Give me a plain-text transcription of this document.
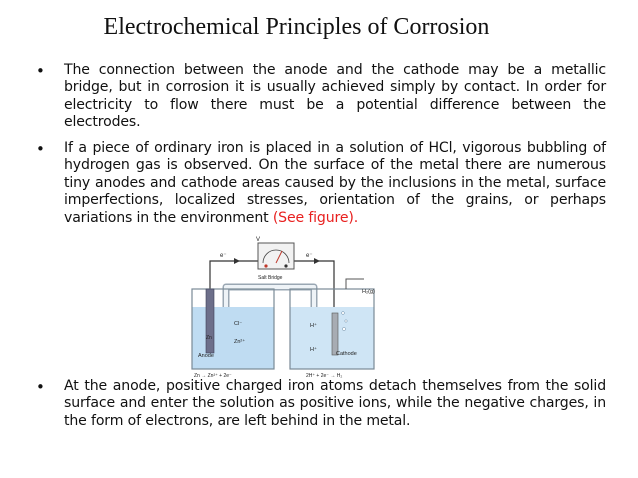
Electrochemical Principles of Corrosion
• The connection between the anode and the cathode may be a metallic bridge, but in corrosion it is usually achieved simply by contact. In order for electricity to flow there must be a potential difference between the electrodes.
• If a piece of ordinary iron is placed in a solution of HCl, vigorous bubbling of hydrogen gas is observed. On the surface of the metal there are numerous tiny anodes and cathode areas caused by the inclusions in the metal, surface imperfections, localized stresses, orientation of the grains, or perhaps variations in the environment (See figure).
e⁻	e⁻
V
Salt Bridge
Cl⁻
Zn²⁺
Zn
Anode
H₂(g)
H⁺
H⁺
Cathode
Zn → Zn²⁺ + 2e⁻	2H⁺ + 2e⁻ → H₂
• At the anode, positive charged iron atoms detach themselves from the solid surface and enter the solution as positive ions, while the negative charges, in the form of electrons, are left behind in the metal.
